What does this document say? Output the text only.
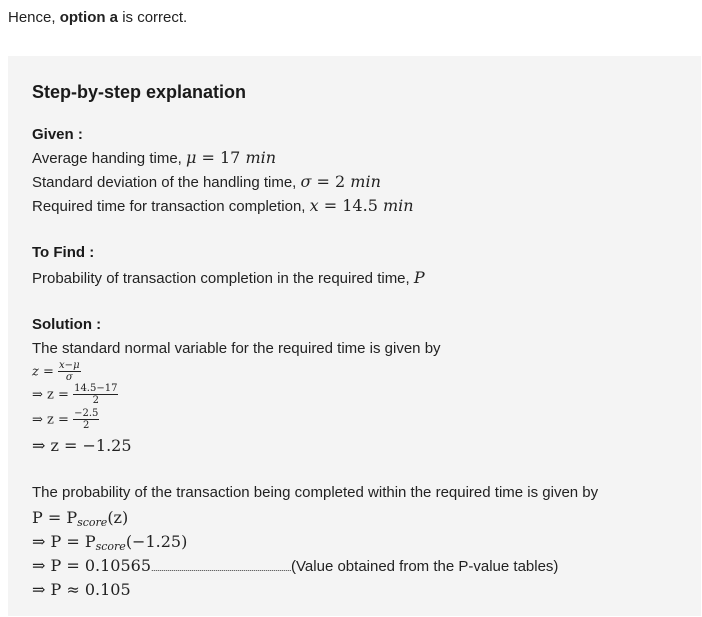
Hence, option a is correct.
Step-by-step explanation
Given :
Average handing time, μ = 17 min
Standard deviation of the handling time, σ = 2 min
Required time for transaction completion, x = 14.5 min
To Find :
Probability of transaction completion in the required time, P
Solution :
The standard normal variable for the required time is given by
$z = \frac{x-\mu}{\sigma}$
⇒ $z = \frac{14.5-17}{2}$
⇒ $z = \frac{-2.5}{2}$
⇒ z = −1.25
The probability of the transaction being completed within the required time is given by
$P = P_{score}(z)$
⇒ $P = P_{score}(-1.25)$
⇒ P = 0.10565......................................................................(Value obtained from the P-value tables)
⇒ P ≈ 0.105
